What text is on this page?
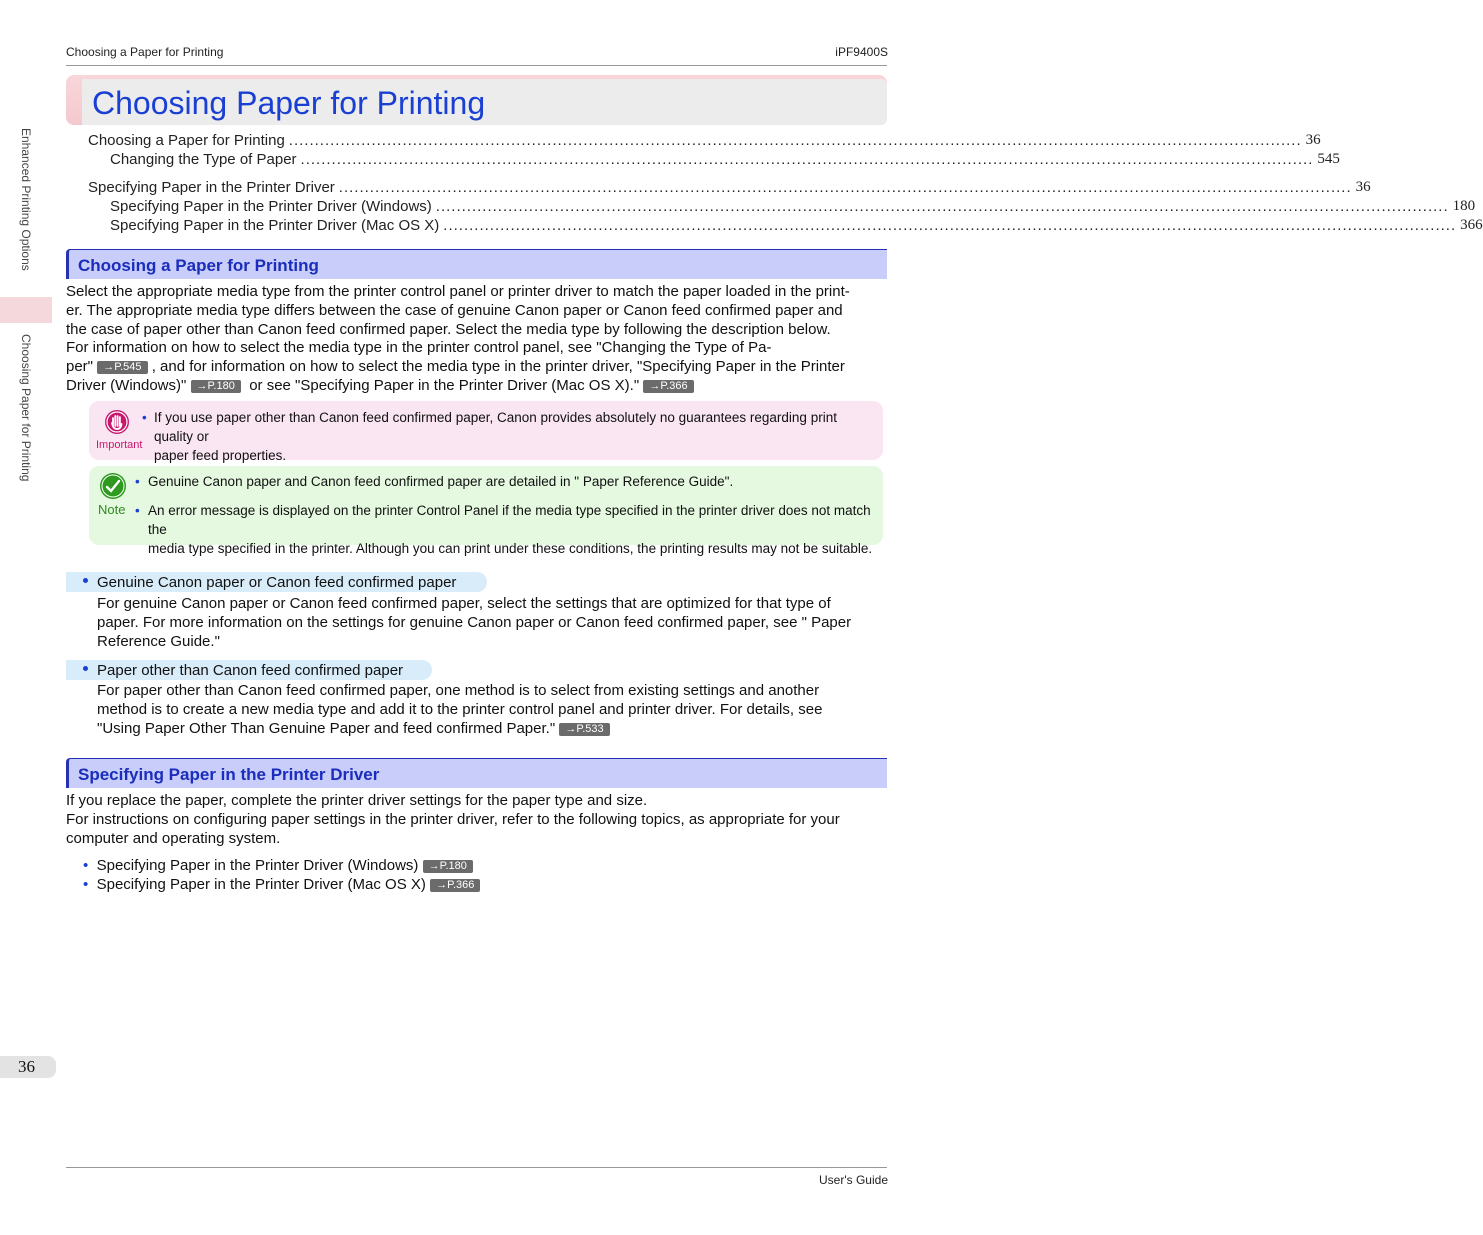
Choosing a Paper for Printing	iPF9400S
Enhanced Printing Options
Choosing Paper for Printing
Choosing Paper for Printing
Choosing a Paper for Printing .................................................................................................................................................................................................... 36
Changing the Type of Paper .................................................................................................................................................................................................... 545
Specifying Paper in the Printer Driver .................................................................................................................................................................................................... 36
Specifying Paper in the Printer Driver (Windows) .................................................................................................................................................................................................... 180
Specifying Paper in the Printer Driver (Mac OS X) .................................................................................................................................................................................................... 366
Choosing a Paper for Printing
Select the appropriate media type from the printer control panel or printer driver to match the paper loaded in the print-
er. The appropriate media type differs between the case of genuine Canon paper or Canon feed confirmed paper and
the case of paper other than Canon feed confirmed paper. Select the media type by following the description below.
For information on how to select the media type in the printer control panel, see "Changing the Type of Pa-
per" →P.545 , and for information on how to select the media type in the printer driver, "Specifying Paper in the Printer
Driver (Windows)" →P.180 or see "Specifying Paper in the Printer Driver (Mac OS X)." →P.366
Important
• If you use paper other than Canon feed confirmed paper, Canon provides absolutely no guarantees regarding print quality or
paper feed properties.
Note
• Genuine Canon paper and Canon feed confirmed paper are detailed in " Paper Reference Guide".
• An error message is displayed on the printer Control Panel if the media type specified in the printer driver does not match the
media type specified in the printer. Although you can print under these conditions, the printing results may not be suitable.
Genuine Canon paper or Canon feed confirmed paper
For genuine Canon paper or Canon feed confirmed paper, select the settings that are optimized for that type of
paper. For more information on the settings for genuine Canon paper or Canon feed confirmed paper, see " Paper
Reference Guide."
Paper other than Canon feed confirmed paper
For paper other than Canon feed confirmed paper, one method is to select from existing settings and another
method is to create a new media type and add it to the printer control panel and printer driver. For details, see
"Using Paper Other Than Genuine Paper and feed confirmed Paper." →P.533
Specifying Paper in the Printer Driver
If you replace the paper, complete the printer driver settings for the paper type and size.
For instructions on configuring paper settings in the printer driver, refer to the following topics, as appropriate for your
computer and operating system.
• Specifying Paper in the Printer Driver (Windows) →P.180
• Specifying Paper in the Printer Driver (Mac OS X) →P.366
36
User's Guide
